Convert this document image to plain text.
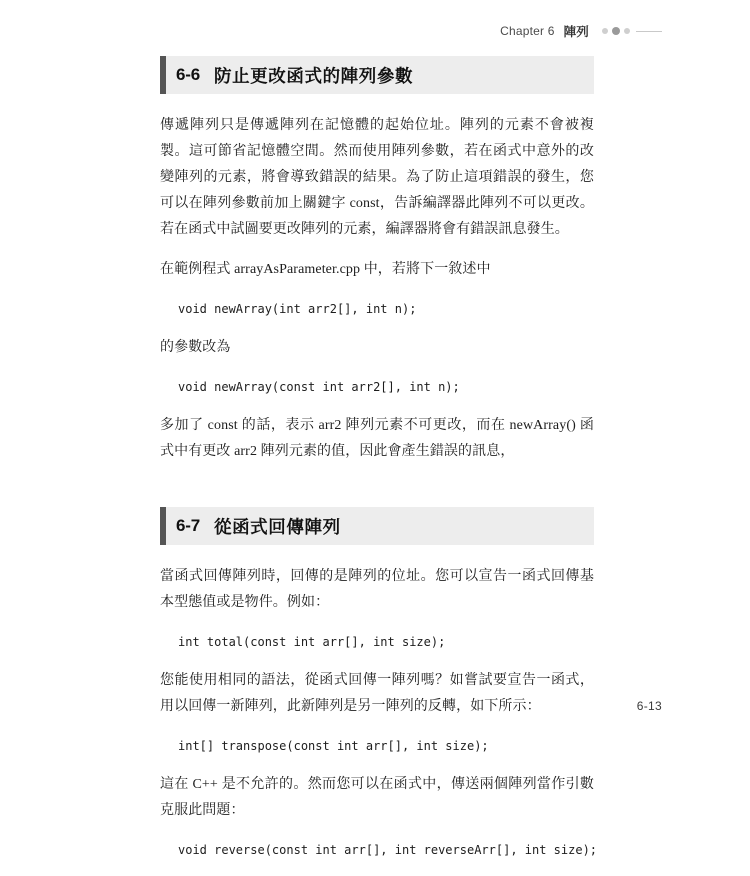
Chapter 6 陣列
6-6 防止更改函式的陣列參數

傳遞陣列只是傳遞陣列在記憶體的起始位址。陣列的元素不會被複製。這可節省記憶體空間。然而使用陣列參數，若在函式中意外的改變陣列的元素，將會導致錯誤的結果。為了防止這項錯誤的發生，您可以在陣列參數前加上關鍵字 const，告訴編譯器此陣列不可以更改。若在函式中試圖要更改陣列的元素，編譯器將會有錯誤訊息發生。

在範例程式 arrayAsParameter.cpp 中，若將下一敘述中

void newArray(int arr2[], int n);

的參數改為

void newArray(const int arr2[], int n);

多加了 const 的話，表示 arr2 陣列元素不可更改，而在 newArray() 函式中有更改 arr2 陣列元素的值，因此會產生錯誤的訊息，

6-7 從函式回傳陣列

當函式回傳陣列時，回傳的是陣列的位址。您可以宣告一函式回傳基本型態值或是物件。例如：

int total(const int arr[], int size);

您能使用相同的語法，從函式回傳一陣列嗎？如嘗試要宣告一函式，用以回傳一新陣列，此新陣列是另一陣列的反轉，如下所示：

int[] transpose(const int arr[], int size);

這在 C++ 是不允許的。然而您可以在函式中，傳送兩個陣列當作引數克服此問題：

void reverse(const int arr[], int reverseArr[], int size);
6-13
